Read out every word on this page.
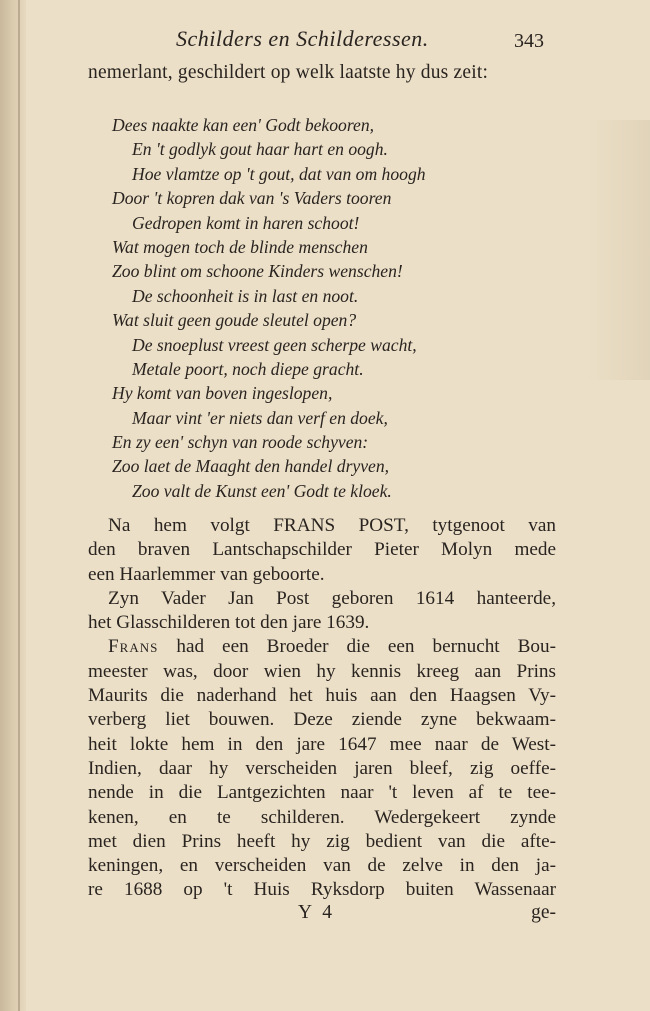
Schilders en Schilderessen.	343
nemerlant, geschildert op welk laatste hy dus zeit:
Dees naakte kan een' Godt bekooren,
En 't godlyk gout haar hart en oogh.
Hoe vlamtze op 't gout, dat van om hoogh
Door 't kopren dak van 's Vaders tooren
Gedropen komt in haren schoot!
Wat mogen toch de blinde menschen
Zoo blint om schoone Kinders wenschen!
De schoonheit is in last en noot.
Wat sluit geen goude sleutel open?
De snoeplust vreest geen scherpe wacht,
Metale poort, noch diepe gracht.
Hy komt van boven ingeslopen,
Maar vint 'er niets dan verf en doek,
En zy een' schyn van roode schyven:
Zoo laet de Maaght den handel dryven,
Zoo valt de Kunst een' Godt te kloek.
Na hem volgt FRANS POST, tytgenoot van
den braven Lantschapschilder Pieter Molyn mede
een Haarlemmer van geboorte.
Zyn Vader Jan Post geboren 1614 hanteerde,
het Glasschilderen tot den jare 1639.
Frans had een Broeder die een bernucht Bou-
meester was, door wien hy kennis kreeg aan Prins
Maurits die naderhand het huis aan den Haagsen Vy-
verberg liet bouwen. Deze ziende zyne bekwaam-
heit lokte hem in den jare 1647 mee naar de West-
Indien, daar hy verscheiden jaren bleef, zig oeffe-
nende in die Lantgezichten naar 't leven af te tee-
kenen, en te schilderen. Wedergekeert zynde
met dien Prins heeft hy zig bedient van die afte-
keningen, en verscheiden van de zelve in den ja-
re 1688 op 't Huis Ryksdorp buiten Wassenaar
Y 4	ge-
